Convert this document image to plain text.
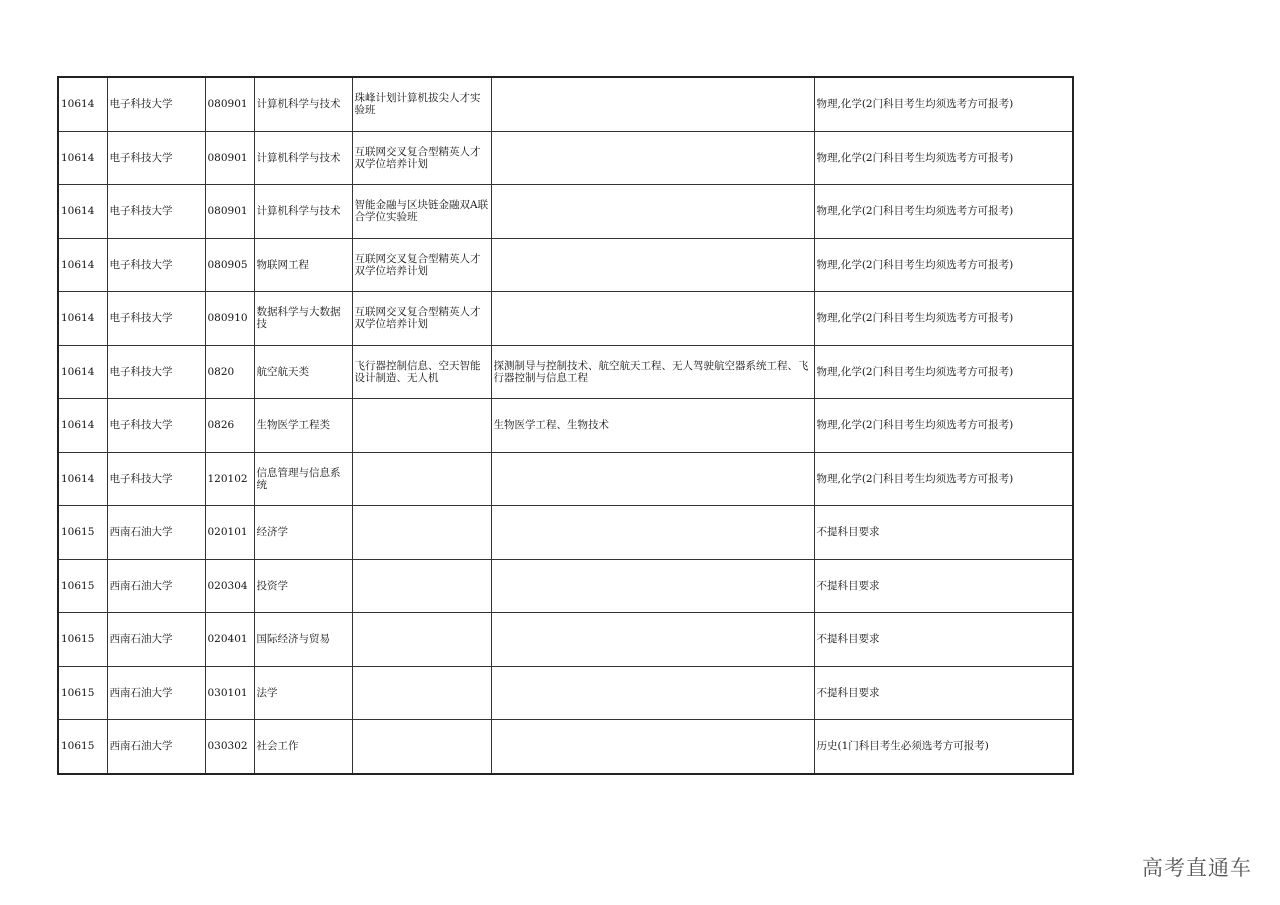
10614	电子科技大学	080901	计算机科学与技术	珠峰计划计算机拔尖人才实验班		物理,化学(2门科目考生均须选考方可报考)
10614	电子科技大学	080901	计算机科学与技术	互联网交叉复合型精英人才双学位培养计划		物理,化学(2门科目考生均须选考方可报考)
10614	电子科技大学	080901	计算机科学与技术	智能金融与区块链金融双A联合学位实验班		物理,化学(2门科目考生均须选考方可报考)
10614	电子科技大学	080905	物联网工程	互联网交叉复合型精英人才双学位培养计划		物理,化学(2门科目考生均须选考方可报考)
10614	电子科技大学	080910	数据科学与大数据技	互联网交叉复合型精英人才双学位培养计划		物理,化学(2门科目考生均须选考方可报考)
10614	电子科技大学	0820	航空航天类	飞行器控制信息、空天智能设计制造、无人机	探测制导与控制技术、航空航天工程、无人驾驶航空器系统工程、飞行器控制与信息工程	物理,化学(2门科目考生均须选考方可报考)
10614	电子科技大学	0826	生物医学工程类		生物医学工程、生物技术	物理,化学(2门科目考生均须选考方可报考)
10614	电子科技大学	120102	信息管理与信息系统			物理,化学(2门科目考生均须选考方可报考)
10615	西南石油大学	020101	经济学			不提科目要求
10615	西南石油大学	020304	投资学			不提科目要求
10615	西南石油大学	020401	国际经济与贸易			不提科目要求
10615	西南石油大学	030101	法学			不提科目要求
10615	西南石油大学	030302	社会工作			历史(1门科目考生必须选考方可报考)
高考直通车
